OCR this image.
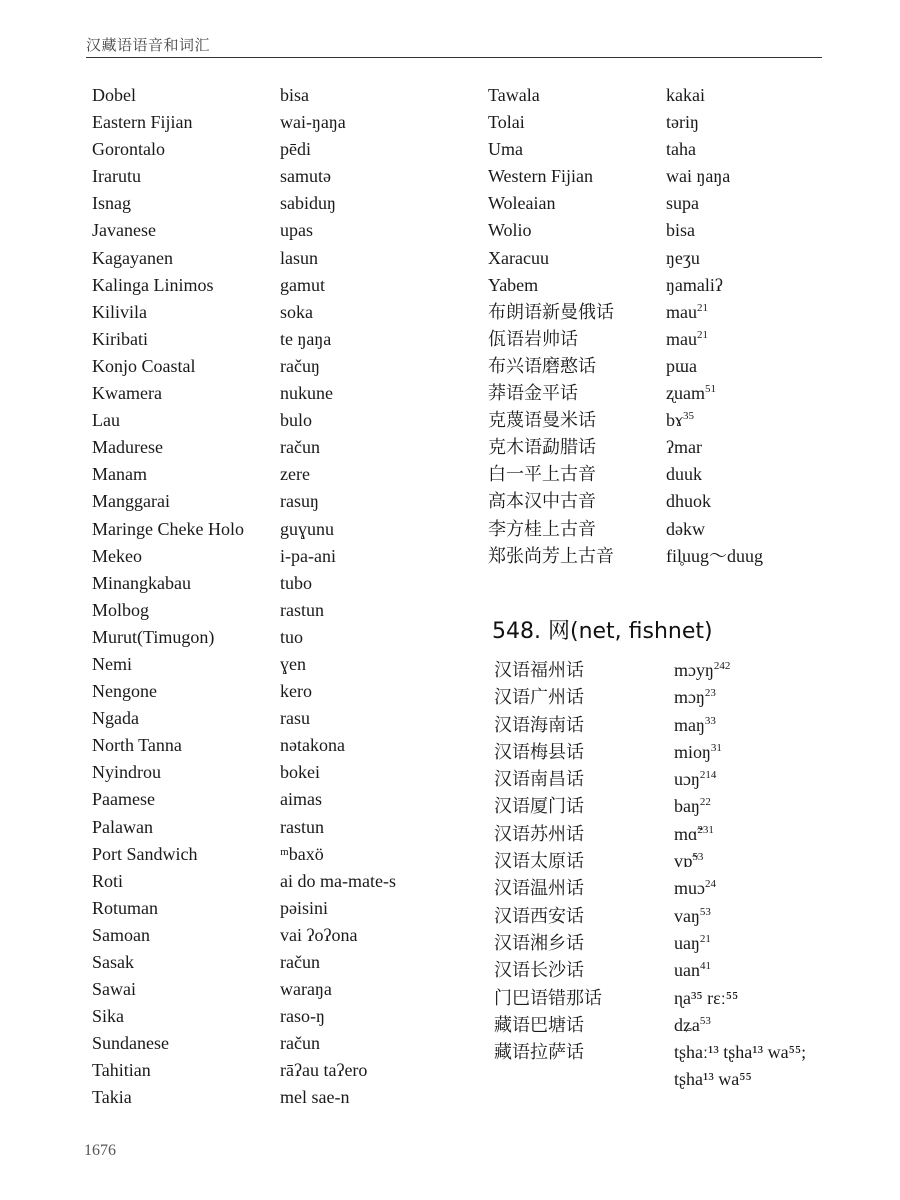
汉藏语语音和词汇
Dobel	bisa
Eastern Fijian	wai-ŋaŋa
Gorontalo	pēdi
Irarutu	samutə
Isnag	sabiduŋ
Javanese	upas
Kagayanen	lasun
Kalinga Linimos	gamut
Kilivila	soka
Kiribati	te ŋaŋa
Konjo Coastal	račuŋ
Kwamera	nukune
Lau	bulo
Madurese	račun
Manam	zere
Manggarai	rasuŋ
Maringe Cheke Holo	guɣunu
Mekeo	i-pa-ani
Minangkabau	tubo
Molbog	rastun
Murut(Timugon)	tuo
Nemi	ɣen
Nengone	kero
Ngada	rasu
North Tanna	nətakona
Nyindrou	bokei
Paamese	aimas
Palawan	rastun
Port Sandwich	ᵐbaxö
Roti	ai do ma-mate-s
Rotuman	pəisini
Samoan	vai ʔoʔona
Sasak	račun
Sawai	waraŋa
Sika	raso-ŋ
Sundanese	račun
Tahitian	rāʔau taʔero
Takia	mel sae-n
Tawala	kakai
Tolai	təriŋ
Uma	taha
Western Fijian	wai ŋaŋa
Woleaian	supa
Wolio	bisa
Xaracuu	ŋeʒu
Yabem	ŋamaliʔ
布朗语新曼俄话	mau$^{21}$
佤语岩帅话	mau$^{21}$
布兴语磨憨话	pɯa
莽语金平话	ʐuam$^{51}$
克蔑语曼米话	bɤ$^{35}$
克木语勐腊话	ʔmar
白一平上古音	duuk
高本汉中古音	dhuok
李方桂上古音	dəkw
郑张尚芳上古音	fil̥uug～duug
548. 网(net, fishnet)
汉语福州话	mɔyŋ$^{242}$
汉语广州话	mɔŋ$^{23}$
汉语海南话	maŋ$^{33}$
汉语梅县话	mioŋ$^{31}$
汉语南昌话	uɔŋ$^{214}$
汉语厦门话	baŋ$^{22}$
汉语苏州话	mɑ̃$^{231}$
汉语太原话	vɒ̃$^{53}$
汉语温州话	muɔ$^{24}$
汉语西安话	vaŋ$^{53}$
汉语湘乡话	uaŋ$^{21}$
汉语长沙话	uan$^{41}$
门巴语错那话	ɳa³⁵ rɛː⁵⁵
藏语巴塘话	dʑa$^{53}$
藏语拉萨话	tʂhaː¹³ tʂha¹³ wa⁵⁵;
tʂha¹³ wa⁵⁵
1676
